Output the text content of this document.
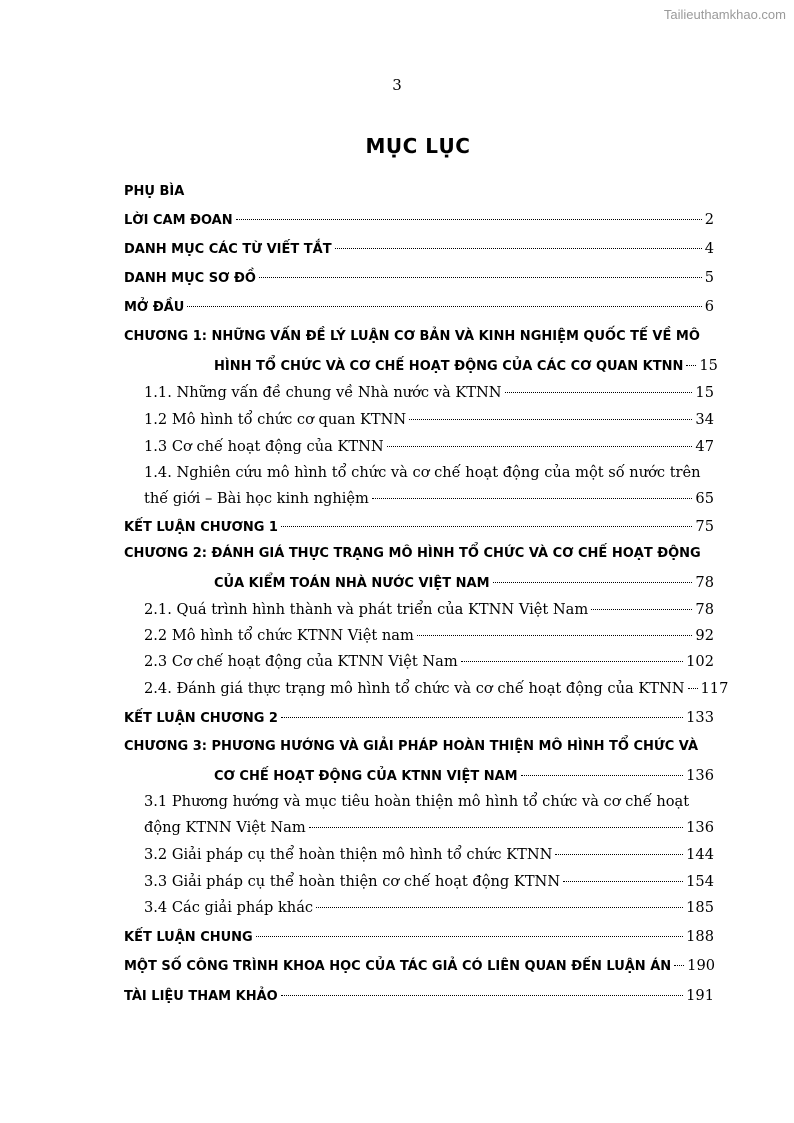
Tailieuthamkhao.com
3
MỤC LỤC
PHỤ BÌA
LỜI CAM ĐOAN	2
DANH MỤC CÁC TỪ VIẾT TẮT	4
DANH MỤC SƠ ĐỒ	5
MỞ ĐẦU	6
CHƯƠNG 1: NHỮNG VẤN ĐỀ LÝ LUẬN CƠ BẢN VÀ KINH NGHIỆM QUỐC TẾ VỀ MÔ
HÌNH TỔ CHỨC VÀ CƠ CHẾ HOẠT ĐỘNG CỦA CÁC CƠ QUAN KTNN 15
1.1. Những vấn đề chung về Nhà nước và KTNN	15
1.2 Mô hình tổ chức cơ quan KTNN	34
1.3 Cơ chế hoạt động của KTNN	47
1.4. Nghiên cứu mô hình tổ chức và cơ chế hoạt động của một số nước trên
thế giới – Bài học kinh nghiệm	65
KẾT LUẬN CHƯƠNG 1	75
CHƯƠNG 2: ĐÁNH GIÁ THỰC TRẠNG MÔ HÌNH TỔ CHỨC VÀ CƠ CHẾ HOẠT ĐỘNG
CỦA KIỂM TOÁN NHÀ NƯỚC VIỆT NAM	78
2.1. Quá trình hình thành và phát triển của KTNN Việt Nam	78
2.2 Mô hình tổ chức KTNN Việt nam	92
2.3 Cơ chế hoạt động của KTNN Việt Nam	102
2.4. Đánh giá thực trạng mô hình tổ chức và cơ chế hoạt động của KTNN 117
KẾT LUẬN CHƯƠNG 2	133
CHƯƠNG 3: PHƯƠNG HƯỚNG VÀ GIẢI PHÁP HOÀN THIỆN MÔ HÌNH TỔ CHỨC VÀ
CƠ CHẾ HOẠT ĐỘNG CỦA KTNN VIỆT NAM	136
3.1 Phương hướng và mục tiêu hoàn thiện mô hình tổ chức và cơ chế hoạt
động KTNN Việt Nam	136
3.2 Giải pháp cụ thể hoàn thiện mô hình tổ chức KTNN	144
3.3 Giải pháp cụ thể hoàn thiện cơ chế hoạt động KTNN	154
3.4 Các giải pháp khác	185
KẾT LUẬN CHUNG	188
MỘT SỐ CÔNG TRÌNH KHOA HỌC CỦA TÁC GIẢ CÓ LIÊN QUAN ĐẾN LUẬN ÁN 190
TÀI LIỆU THAM KHẢO	191
